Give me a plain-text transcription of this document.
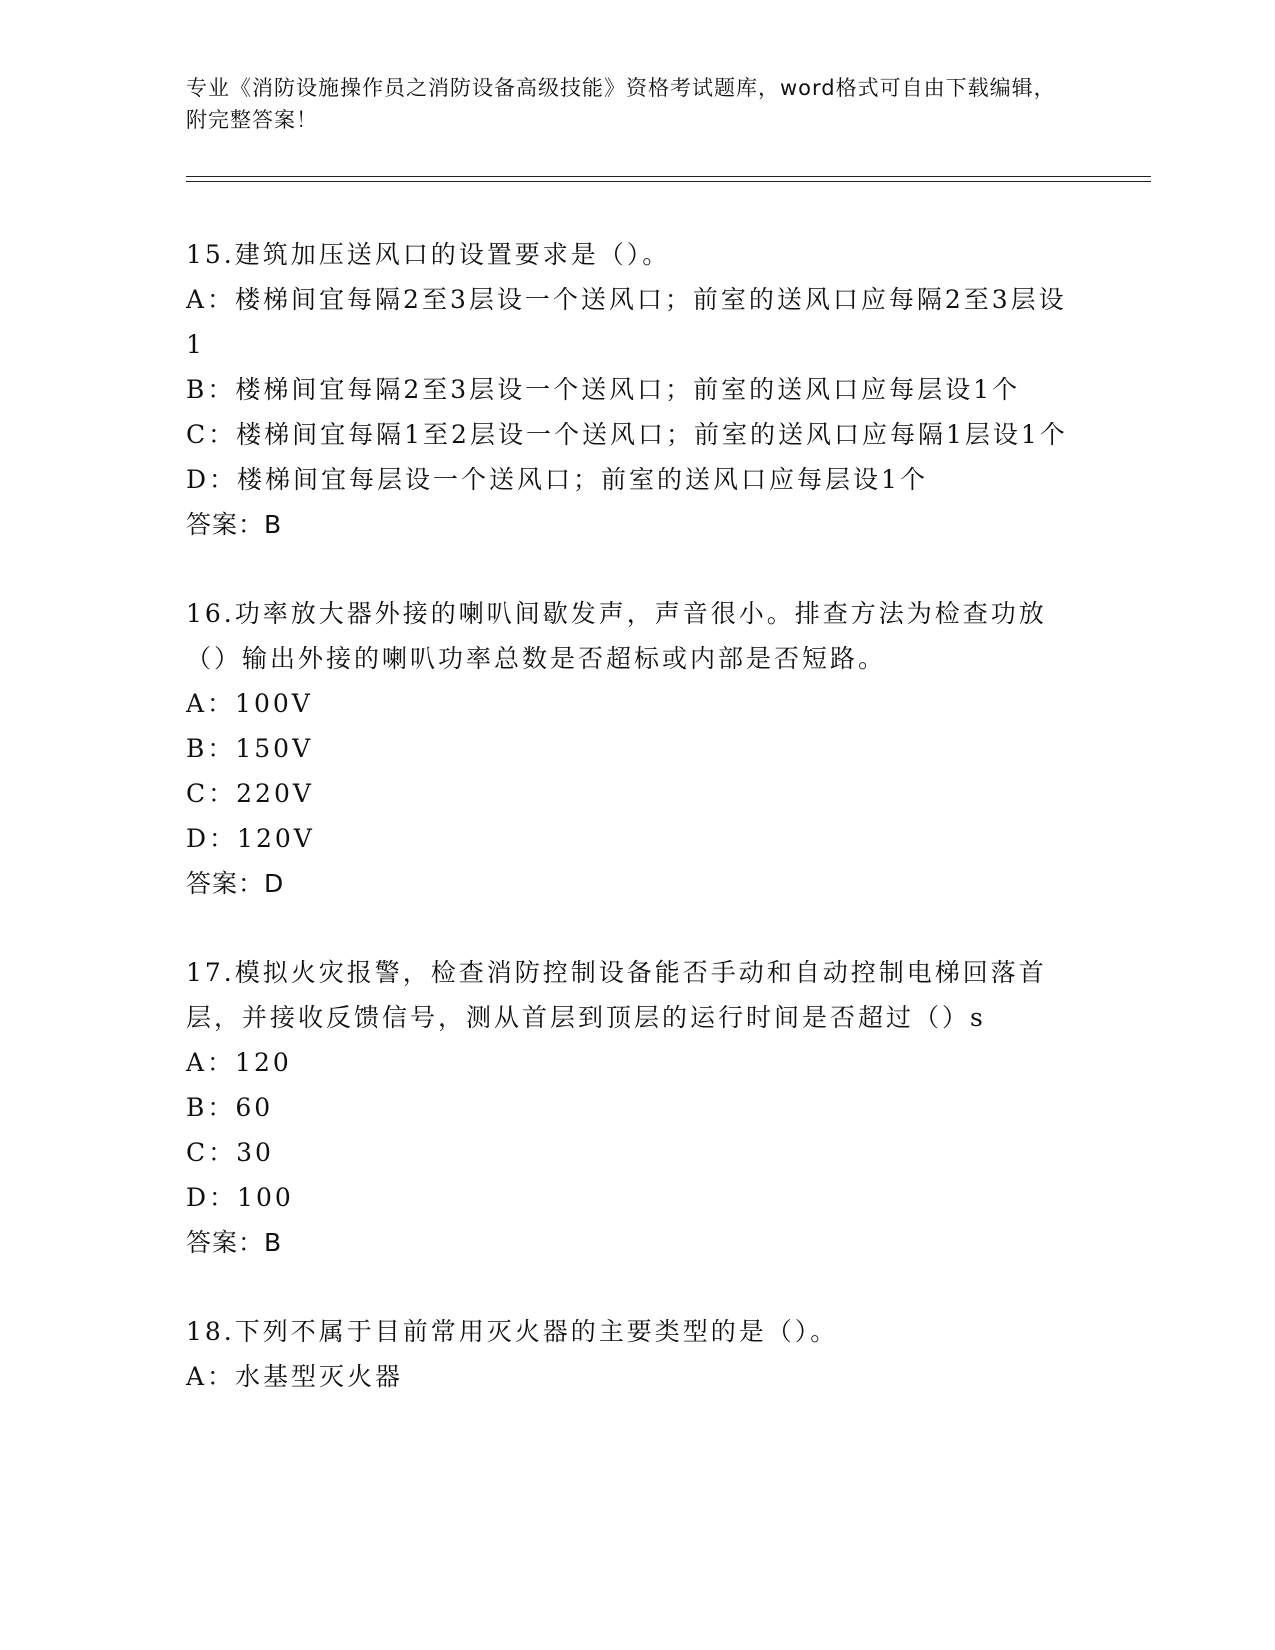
专业《消防设施操作员之消防设备高级技能》资格考试题库，word格式可自由下载编辑，附完整答案！
15.建筑加压送风口的设置要求是（）。
A：楼梯间宜每隔2至3层设一个送风口；前室的送风口应每隔2至3层设1
B：楼梯间宜每隔2至3层设一个送风口；前室的送风口应每层设1个
C：楼梯间宜每隔1至2层设一个送风口；前室的送风口应每隔1层设1个
D：楼梯间宜每层设一个送风口；前室的送风口应每层设1个
答案：B
16.功率放大器外接的喇叭间歇发声，声音很小。排查方法为检查功放（）输出外接的喇叭功率总数是否超标或内部是否短路。
A：100V
B：150V
C：220V
D：120V
答案：D
17.模拟火灾报警，检查消防控制设备能否手动和自动控制电梯回落首层，并接收反馈信号，测从首层到顶层的运行时间是否超过（）s
A：120
B：60
C：30
D：100
答案：B
18.下列不属于目前常用灭火器的主要类型的是（）。
A：水基型灭火器
